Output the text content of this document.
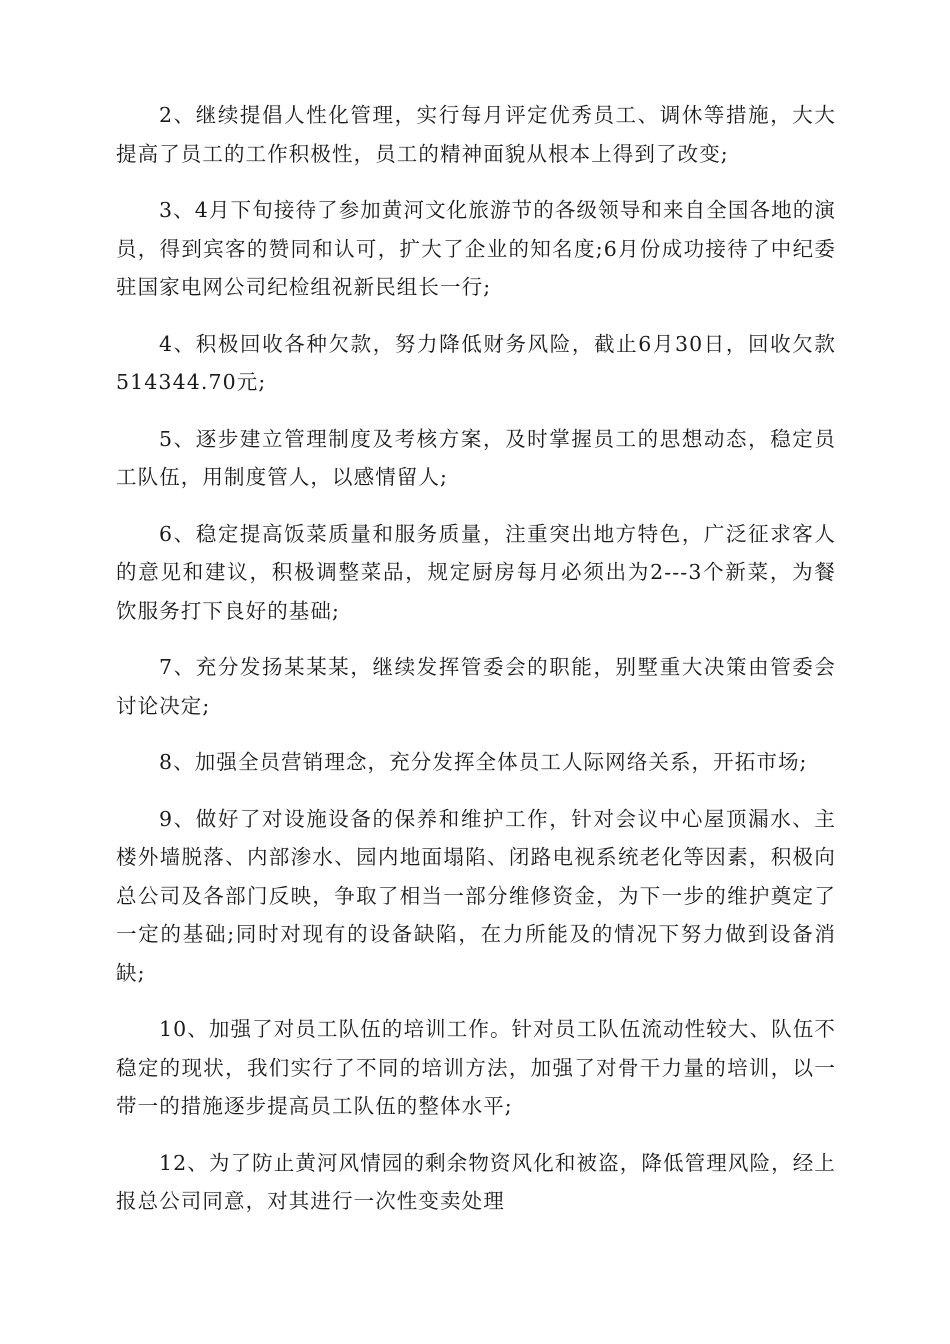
2、继续提倡人性化管理，实行每月评定优秀员工、调休等措施，大大提高了员工的工作积极性，员工的精神面貌从根本上得到了改变;

3、4月下旬接待了参加黄河文化旅游节的各级领导和来自全国各地的演员，得到宾客的赞同和认可，扩大了企业的知名度;6月份成功接待了中纪委驻国家电网公司纪检组祝新民组长一行;

4、积极回收各种欠款，努力降低财务风险，截止6月30日，回收欠款514344.70元;

5、逐步建立管理制度及考核方案，及时掌握员工的思想动态，稳定员工队伍，用制度管人，以感情留人;

6、稳定提高饭菜质量和服务质量，注重突出地方特色，广泛征求客人的意见和建议，积极调整菜品，规定厨房每月必须出为2---3个新菜，为餐饮服务打下良好的基础;

7、充分发扬某某某，继续发挥管委会的职能，别墅重大决策由管委会讨论决定;

8、加强全员营销理念，充分发挥全体员工人际网络关系，开拓市场;

9、做好了对设施设备的保养和维护工作，针对会议中心屋顶漏水、主楼外墙脱落、内部渗水、园内地面塌陷、闭路电视系统老化等因素，积极向总公司及各部门反映，争取了相当一部分维修资金，为下一步的维护奠定了一定的基础;同时对现有的设备缺陷，在力所能及的情况下努力做到设备消缺;

10、加强了对员工队伍的培训工作。针对员工队伍流动性较大、队伍不稳定的现状，我们实行了不同的培训方法，加强了对骨干力量的培训，以一带一的措施逐步提高员工队伍的整体水平;

12、为了防止黄河风情园的剩余物资风化和被盗，降低管理风险，经上报总公司同意，对其进行一次性变卖处理
